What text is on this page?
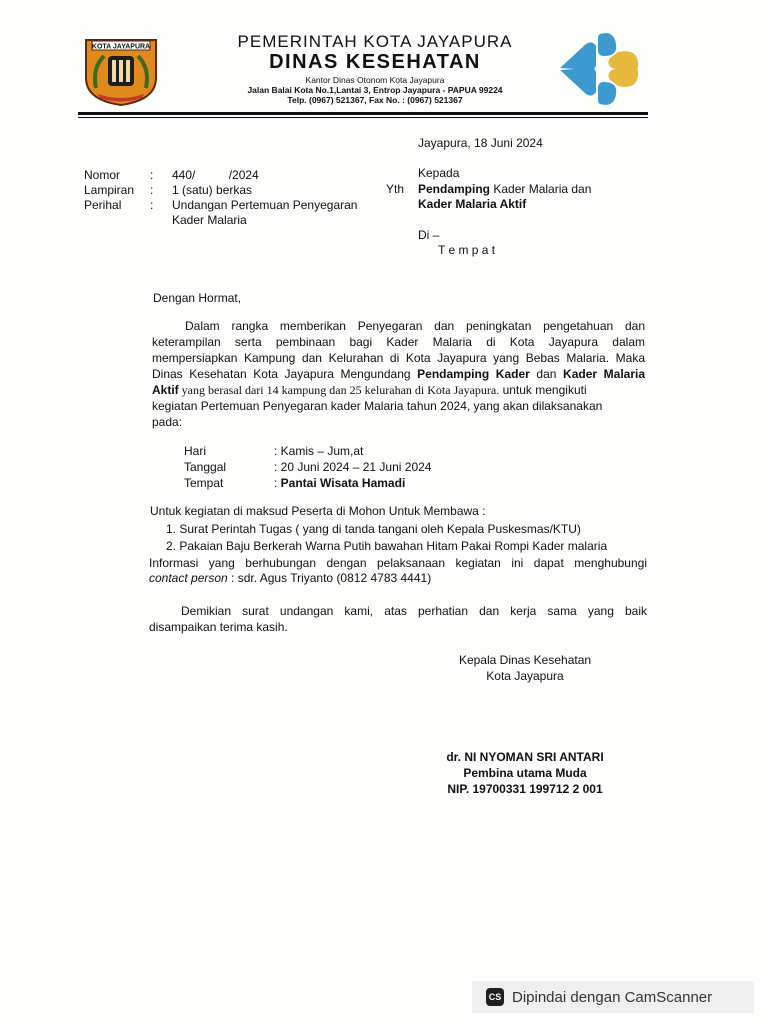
KOTA JAYAPURA	PEMERINTAH KOTA JAYAPURA
DINAS KESEHATAN
Kantor Dinas Otonom Kota Jayapura
Jalan Balai Kota No.1,Lantai 3, Entrop Jayapura - PAPUA 99224
Telp. (0967) 521367, Fax No. : (0967) 521367
Jayapura, 18 Juni 2024
Nomor : 440/          /2024
Lampiran : 1 (satu) berkas
Perihal : Undangan Pertemuan Penyegaran
Kader Malaria
Kepada
Yth Pendamping Kader Malaria dan
Kader Malaria Aktif
Di –
T e m p a t
Dengan Hormat,
Dalam rangka memberikan Penyegaran dan peningkatan pengetahuan dan
keterampilan serta pembinaan bagi Kader Malaria di Kota Jayapura dalam
mempersiapkan Kampung dan Kelurahan di Kota Jayapura yang Bebas Malaria. Maka
Dinas Kesehatan Kota Jayapura Mengundang Pendamping Kader dan Kader Malaria
Aktif yang berasal dari 14 kampung dan 25 kelurahan di Kota Jayapura. untuk mengikuti
kegiatan Pertemuan Penyegaran kader Malaria tahun 2024, yang akan dilaksanakan
pada:
Hari	: Kamis – Jum,at
Tanggal	: 20 Juni 2024 – 21 Juni 2024
Tempat	: Pantai Wisata Hamadi
Untuk kegiatan di maksud Peserta di Mohon Untuk Membawa :
1. Surat Perintah Tugas ( yang di tanda tangani oleh Kepala Puskesmas/KTU)
2. Pakaian Baju Berkerah Warna Putih bawahan Hitam Pakai Rompi Kader malaria
Informasi yang berhubungan dengan pelaksanaan kegiatan ini dapat menghubungi
contact person : sdr. Agus Triyanto (0812 4783 4441)
Demikian surat undangan kami, atas perhatian dan kerja sama yang baik
disampaikan terima kasih.
Kepala Dinas Kesehatan
Kota Jayapura
dr. NI NYOMAN SRI ANTARI
Pembina utama Muda
NIP. 19700331 199712 2 001
CS Dipindai dengan CamScanner
